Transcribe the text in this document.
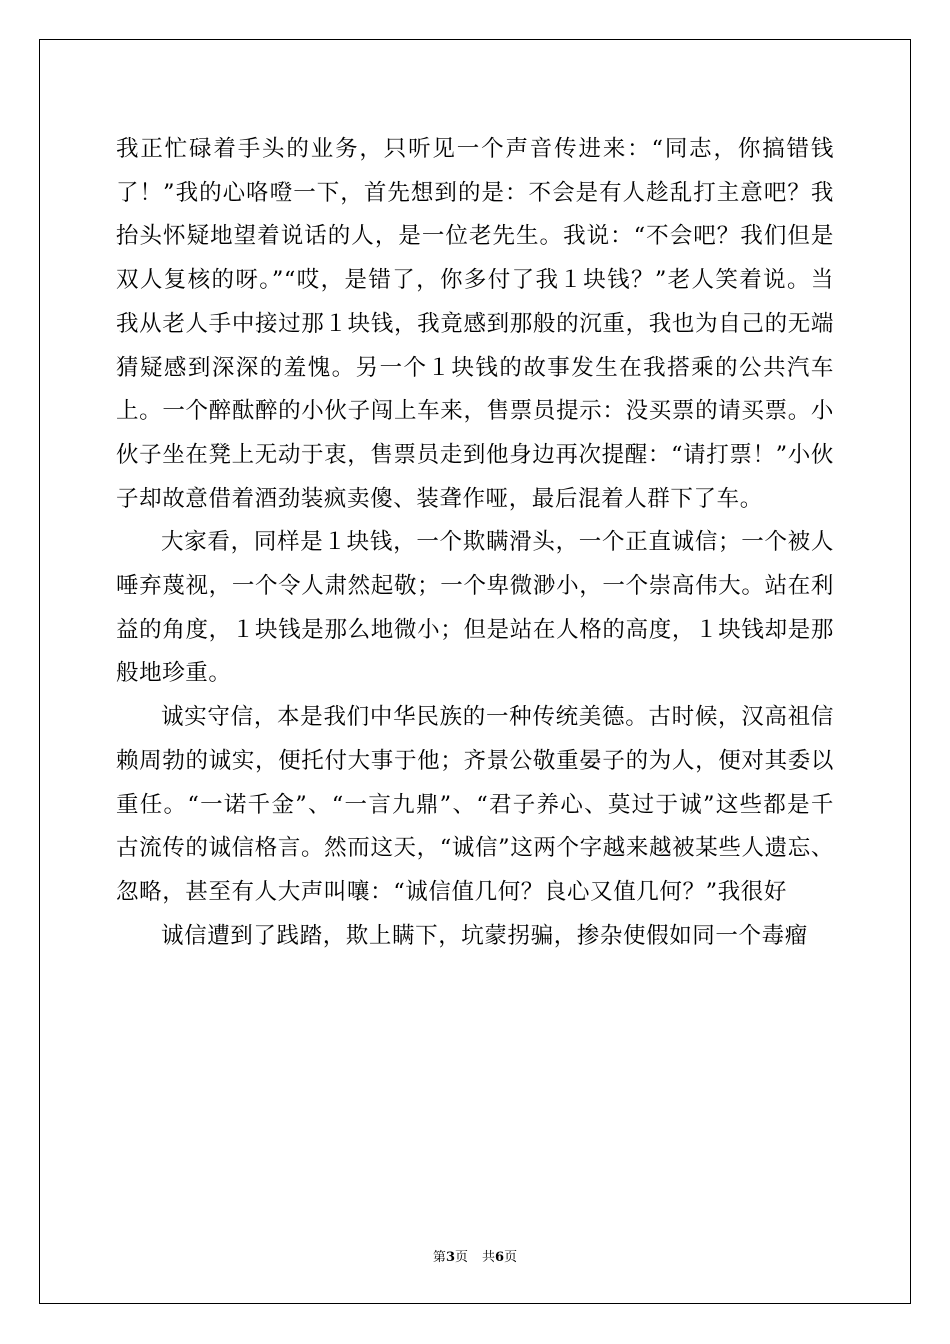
我正忙碌着手头的业务，只听见一个声音传进来：“同志，你搞错钱了！”我的心咯噔一下，首先想到的是：不会是有人趁乱打主意吧？我抬头怀疑地望着说话的人，是一位老先生。我说：“不会吧？我们但是双人复核的呀。”“哎，是错了，你多付了我１块钱？”老人笑着说。当我从老人手中接过那１块钱，我竟感到那般的沉重，我也为自己的无端猜疑感到深深的羞愧。另一个１块钱的故事发生在我搭乘的公共汽车上。一个醉酞醉的小伙子闯上车来，售票员提示：没买票的请买票。小伙子坐在凳上无动于衷，售票员走到他身边再次提醒：“请打票！”小伙子却故意借着酒劲装疯卖傻、装聋作哑，最后混着人群下了车。

大家看，同样是１块钱，一个欺瞒滑头，一个正直诚信；一个被人唾弃蔑视，一个令人肃然起敬；一个卑微渺小，一个崇高伟大。站在利益的角度，１块钱是那么地微小；但是站在人格的高度，１块钱却是那般地珍重。

诚实守信，本是我们中华民族的一种传统美德。古时候，汉高祖信赖周勃的诚实，便托付大事于他；齐景公敬重晏子的为人，便对其委以重任。“一诺千金”、“一言九鼎”、“君子养心、莫过于诚”这些都是千古流传的诚信格言。然而这天，“诚信”这两个字越来越被某些人遗忘、忽略，甚至有人大声叫嚷：“诚信值几何？良心又值几何？”我很好

诚信遭到了践踏，欺上瞒下，坑蒙拐骗，掺杂使假如同一个毒瘤

第3页 共6页
